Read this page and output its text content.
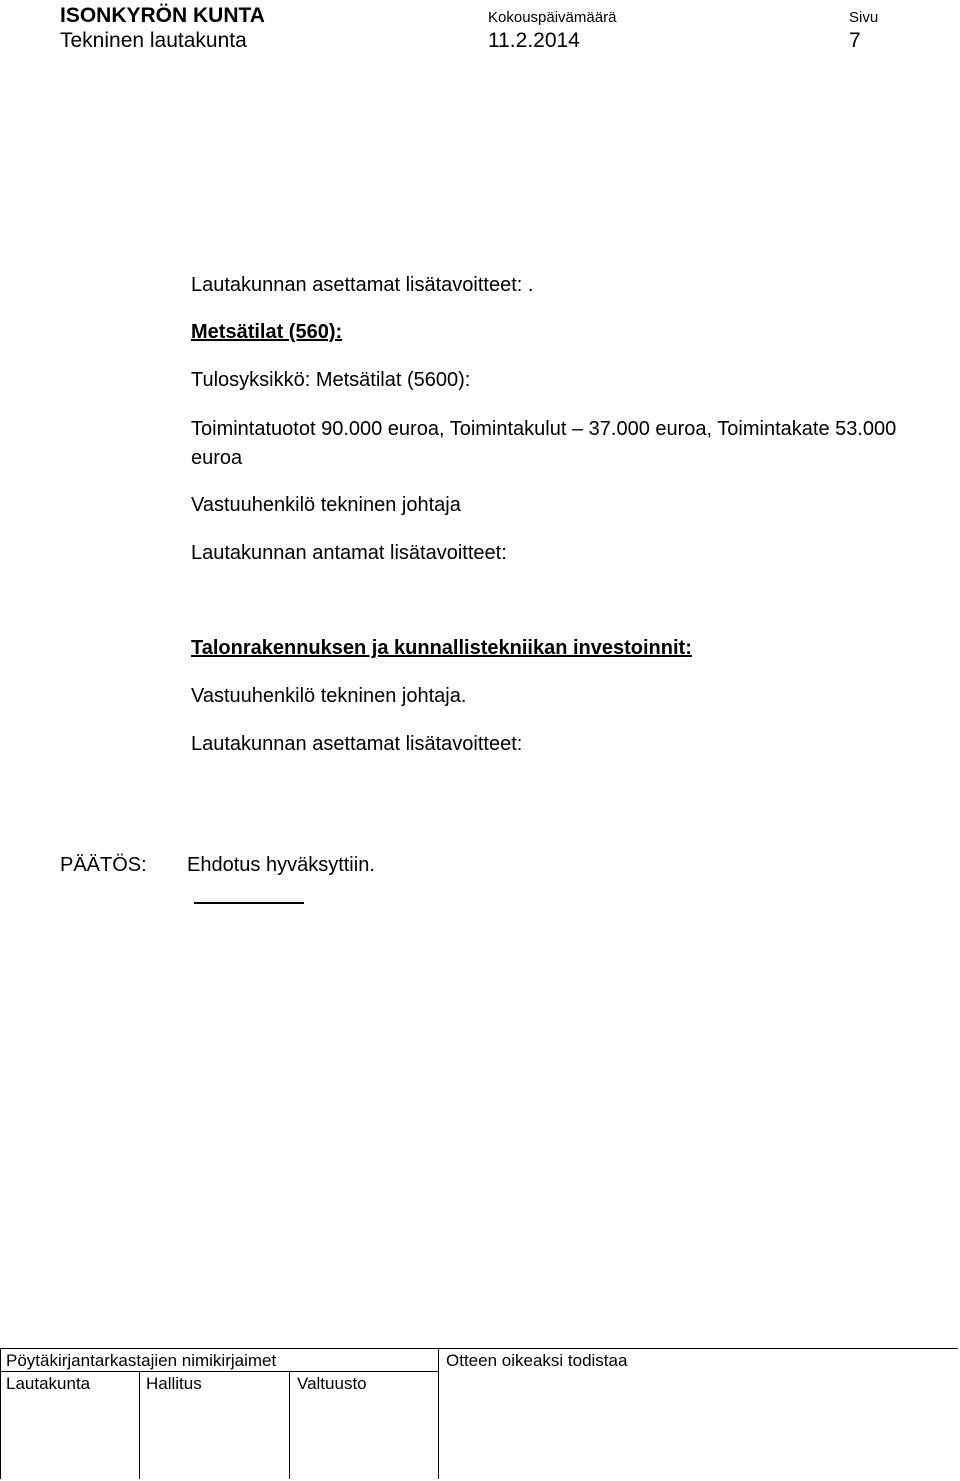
ISONKYRÖN KUNTA
Tekninen lautakunta
Kokouspäivämäärä
11.2.2014
Sivu
7
Lautakunnan asettamat lisätavoitteet: .
Metsätilat (560):
Tulosyksikkö: Metsätilat (5600):
Toimintatuotot 90.000 euroa, Toimintakulut – 37.000 euroa, Toimintakate 53.000 euroa
Vastuuhenkilö tekninen johtaja
Lautakunnan antamat lisätavoitteet:
Talonrakennuksen ja kunnallistekniikan investoinnit:
Vastuuhenkilö tekninen johtaja.
Lautakunnan asettamat lisätavoitteet:
PÄÄTÖS: Ehdotus hyväksyttiin.
Pöytäkirjantarkastajien nimikirjaimet	Otteen oikeaksi todistaa
Lautakunta	Hallitus	Valtuusto
